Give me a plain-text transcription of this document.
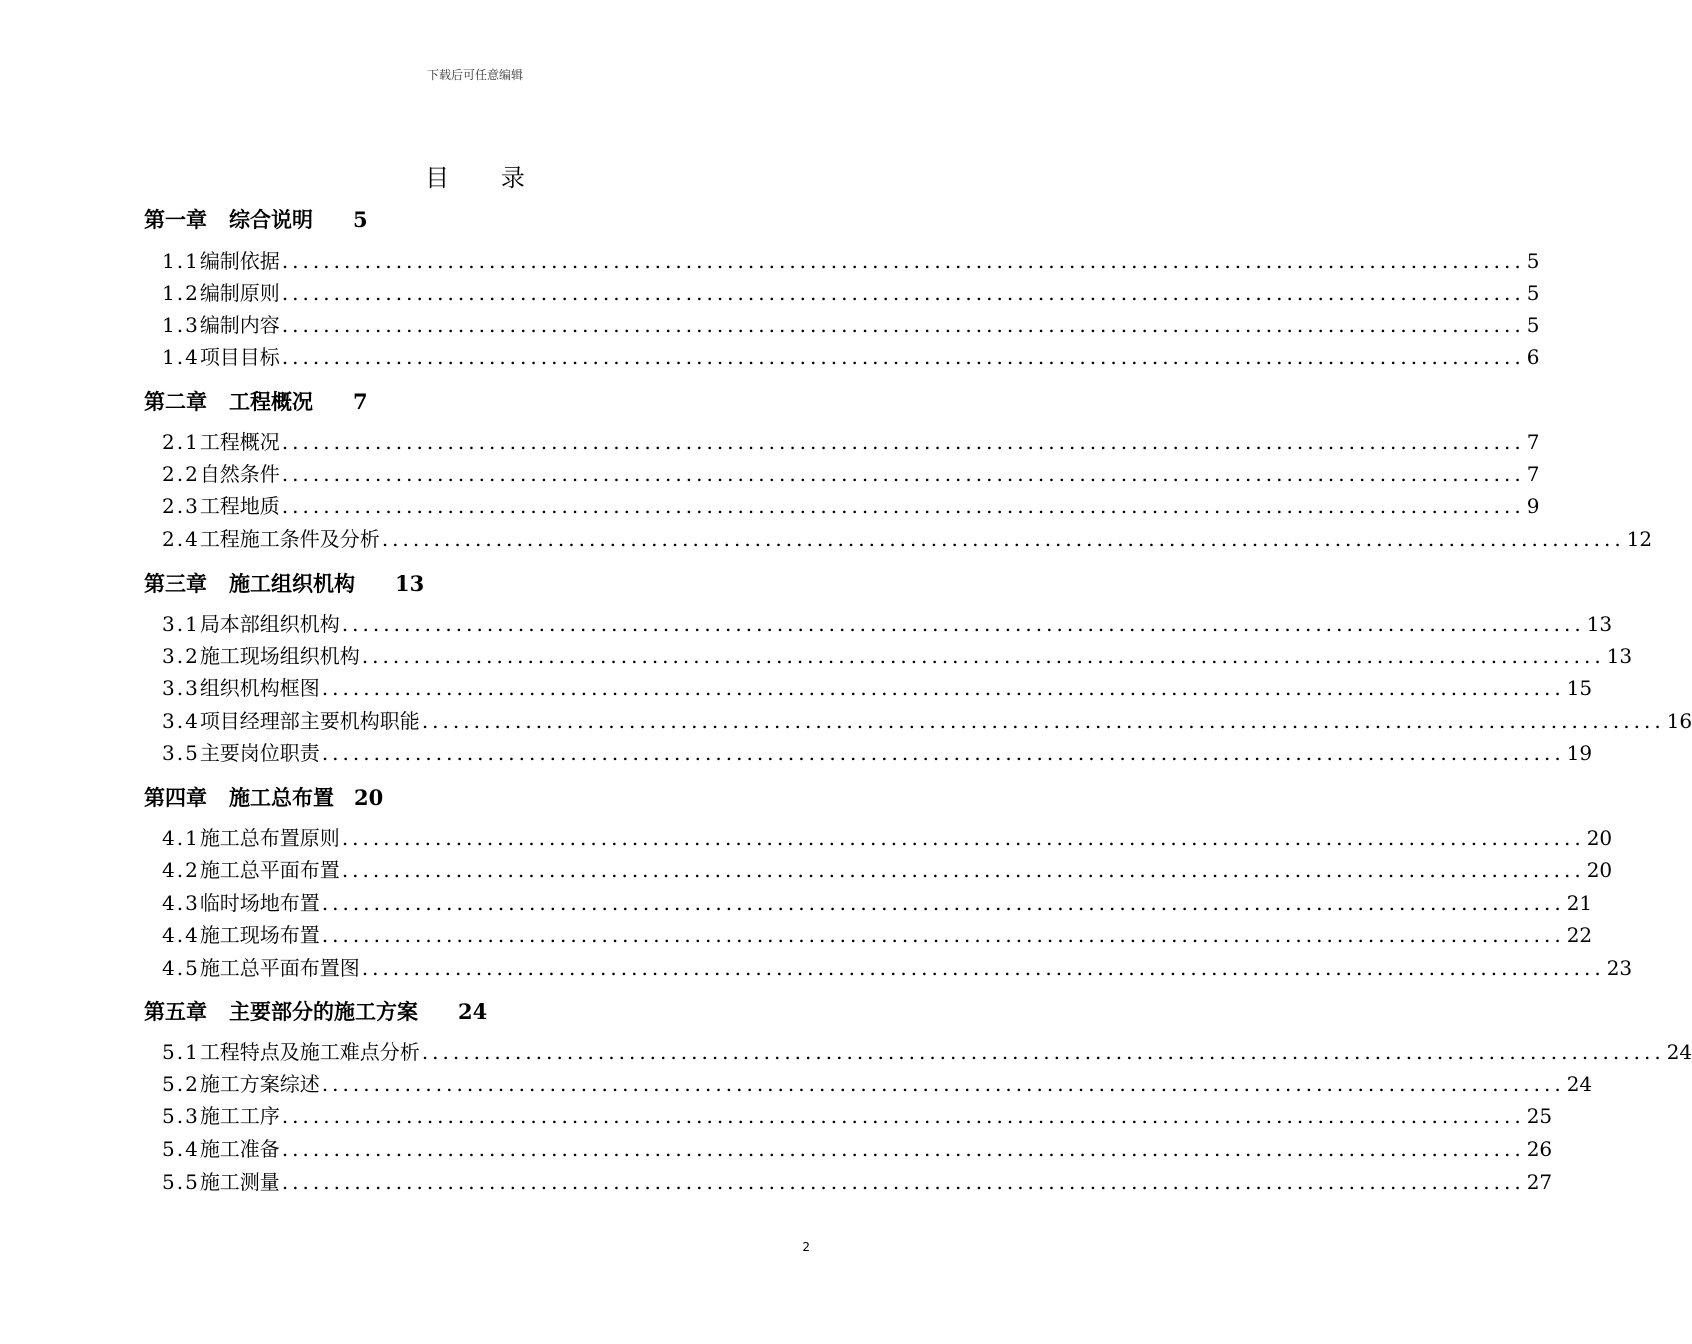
下载后可任意编辑
目 录
第一章 综合说明 5
1.1 编制依据 ........................................................................................................................ 5
1.2 编制原则 ........................................................................................................................ 5
1.3 编制内容 ........................................................................................................................ 5
1.4 项目目标 ........................................................................................................................ 6
第二章 工程概况 7
2.1 工程概况 ........................................................................................................................ 7
2.2 自然条件 ........................................................................................................................ 7
2.3 工程地质 ........................................................................................................................ 9
2.4 工程施工条件及分析 ........................................................................................................................ 12
第三章 施工组织机构 13
3.1 局本部组织机构 ........................................................................................................................ 13
3.2 施工现场组织机构 ........................................................................................................................ 13
3.3 组织机构框图 ........................................................................................................................ 15
3.4 项目经理部主要机构职能 ........................................................................................................................ 16
3.5 主要岗位职责 ........................................................................................................................ 19
第四章 施工总布置 20
4.1 施工总布置原则 ........................................................................................................................ 20
4.2 施工总平面布置 ........................................................................................................................ 20
4.3 临时场地布置 ........................................................................................................................ 21
4.4 施工现场布置 ........................................................................................................................ 22
4.5 施工总平面布置图 ........................................................................................................................ 23
第五章 主要部分的施工方案 24
5.1 工程特点及施工难点分析 ........................................................................................................................ 24
5.2 施工方案综述 ........................................................................................................................ 24
5.3 施工工序 ........................................................................................................................ 25
5.4 施工准备 ........................................................................................................................ 26
5.5 施工测量 ........................................................................................................................ 27
2
